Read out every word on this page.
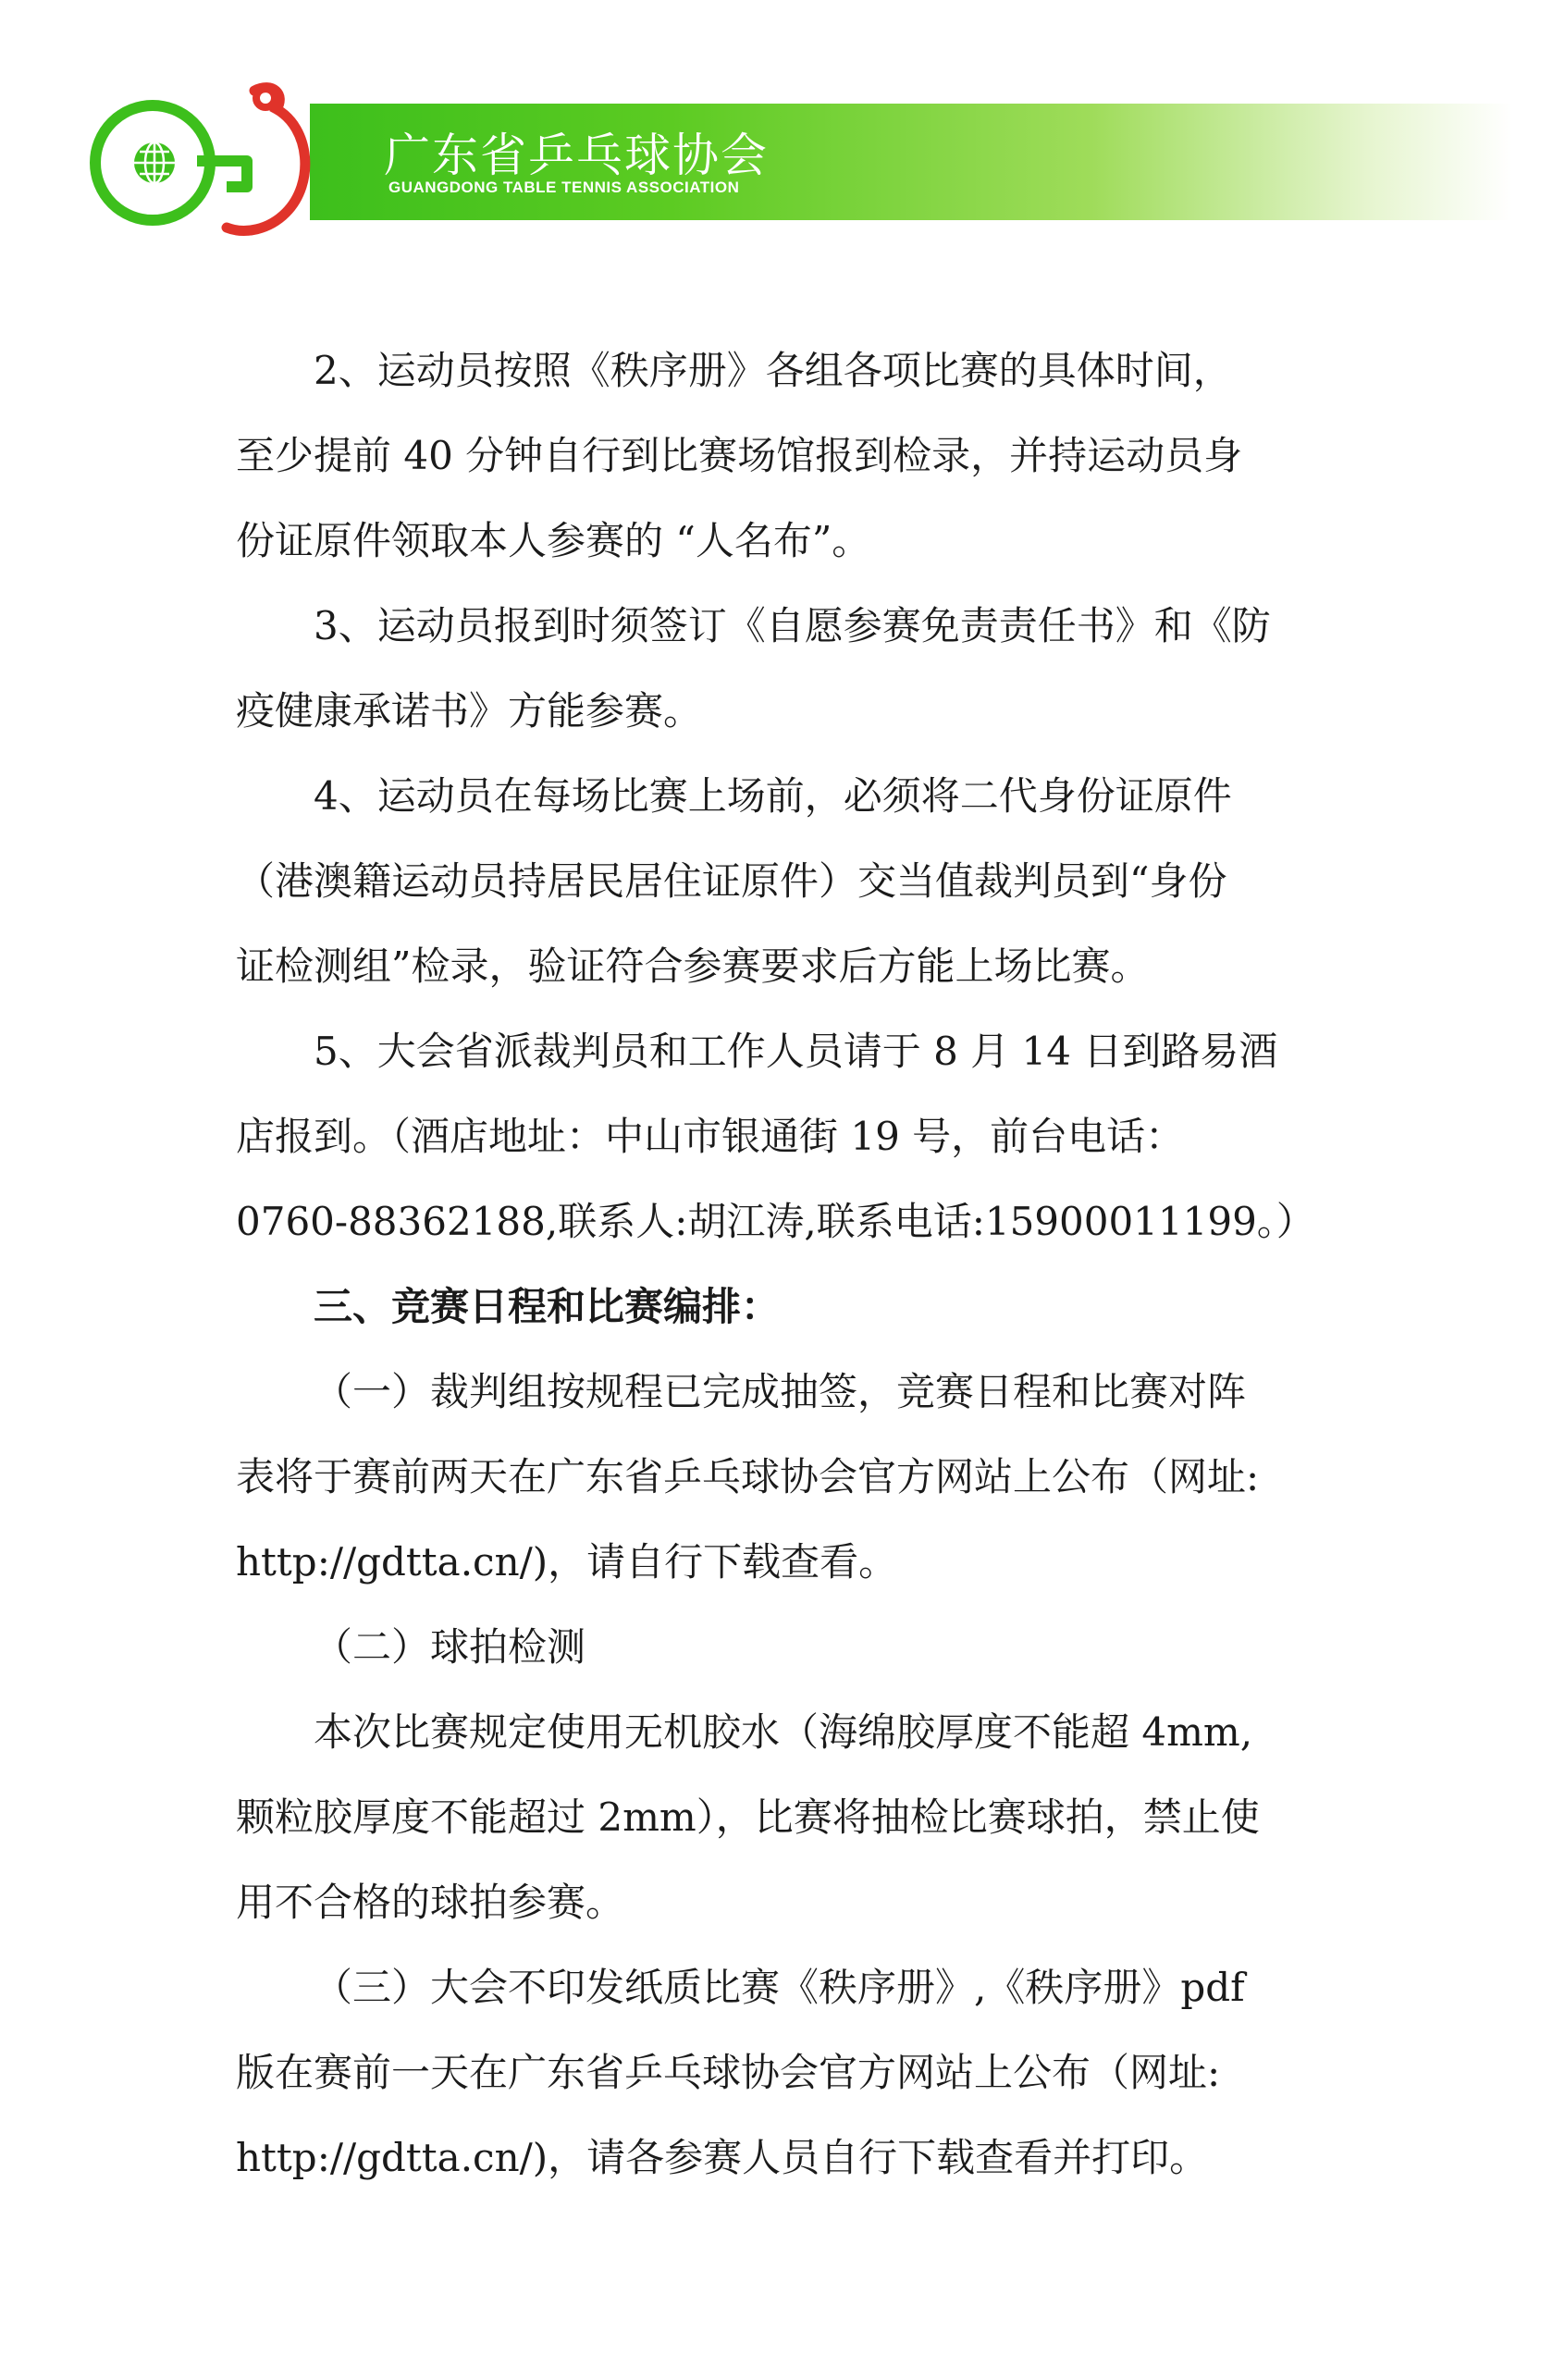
广东省乒乓球协会
GUANGDONG TABLE TENNIS ASSOCIATION

2、运动员按照《秩序册》各组各项比赛的具体时间，
至少提前 40 分钟自行到比赛场馆报到检录，并持运动员身
份证原件领取本人参赛的 “人名布”。

3、运动员报到时须签订《自愿参赛免责责任书》和《防
疫健康承诺书》方能参赛。

4、运动员在每场比赛上场前，必须将二代身份证原件
（港澳籍运动员持居民居住证原件）交当值裁判员到“身份
证检测组”检录，验证符合参赛要求后方能上场比赛。

5、大会省派裁判员和工作人员请于 8 月 14 日到路易酒
店报到。（酒店地址：中山市银通街 19 号，前台电话：
0760-88362188,联系人:胡江涛,联系电话:15900011199。）

三、竞赛日程和比赛编排：

（一）裁判组按规程已完成抽签，竞赛日程和比赛对阵
表将于赛前两天在广东省乒乓球协会官方网站上公布（网址:
http://gdtta.cn/)，请自行下载查看。

（二）球拍检测

本次比赛规定使用无机胶水（海绵胶厚度不能超 4mm,
颗粒胶厚度不能超过 2mm），比赛将抽检比赛球拍，禁止使
用不合格的球拍参赛。

（三）大会不印发纸质比赛《秩序册》,《秩序册》pdf
版在赛前一天在广东省乒乓球协会官方网站上公布（网址:
http://gdtta.cn/)，请各参赛人员自行下载查看并打印。
